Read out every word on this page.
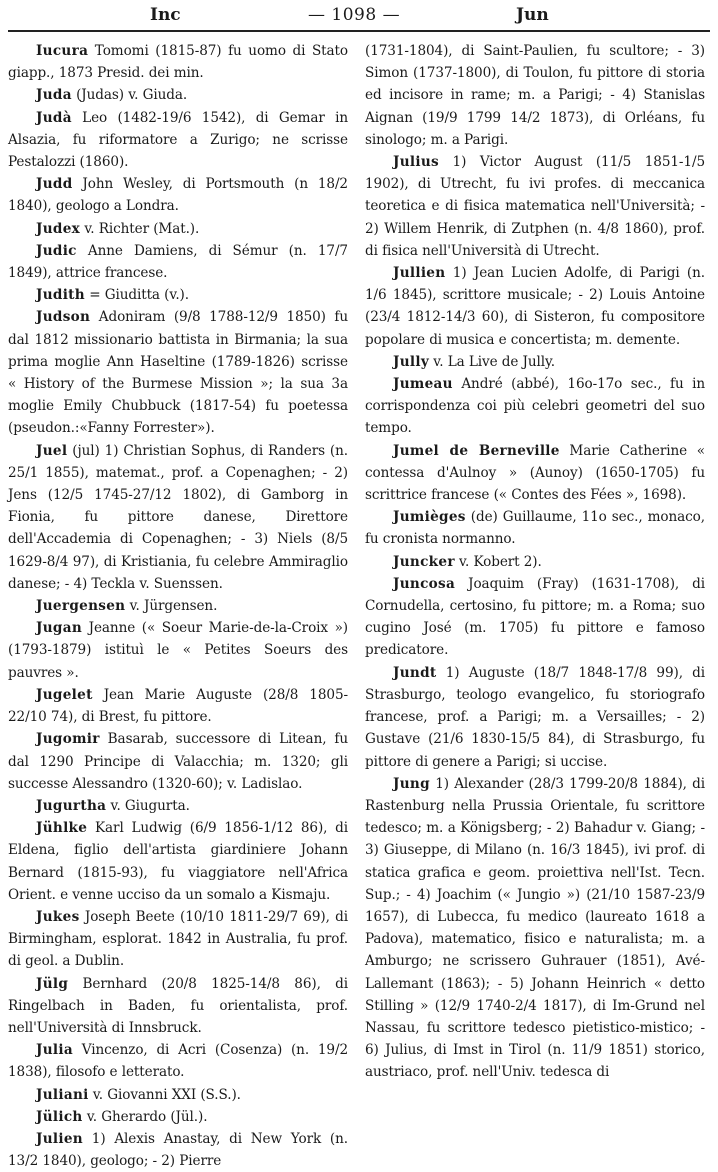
Inc	— 1098 —	Jun

Iucura Tomomi (1815-87) fu uomo di Stato giapp., 1873 Presid. dei min.

Juda (Judas) v. Giuda.

Judà Leo (1482-19/6 1542), di Gemar in Alsazia, fu riformatore a Zurigo; ne scrisse Pestalozzi (1860).

Judd John Wesley, di Portsmouth (n 18/2 1840), geologo a Londra.

Judex v. Richter (Mat.).

Judic Anne Damiens, di Sémur (n. 17/7 1849), attrice francese.

Judith = Giuditta (v.).

Judson Adoniram (9/8 1788-12/9 1850) fu dal 1812 missionario battista in Birmania; la sua prima moglie Ann Haseltine (1789-1826) scrisse « History of the Burmese Mission »; la sua 3a moglie Emily Chubbuck (1817-54) fu poetessa (pseudon.:«Fanny Forrester»).

Juel (jul) 1) Christian Sophus, di Randers (n. 25/1 1855), matemat., prof. a Copenaghen; - 2) Jens (12/5 1745-27/12 1802), di Gamborg in Fionia, fu pittore danese, Direttore dell'Accademia di Copenaghen; - 3) Niels (8/5 1629-8/4 97), di Kristiania, fu celebre Ammiraglio danese; - 4) Teckla v. Suenssen.

Juergensen v. Jürgensen.

Jugan Jeanne (« Soeur Marie-de-la-Croix ») (1793-1879) istituì le « Petites Soeurs des pauvres ».

Jugelet Jean Marie Auguste (28/8 1805-22/10 74), di Brest, fu pittore.

Jugomir Basarab, successore di Litean, fu dal 1290 Principe di Valacchia; m. 1320; gli successe Alessandro (1320-60); v. Ladislao.

Jugurtha v. Giugurta.

Jühlke Karl Ludwig (6/9 1856-1/12 86), di Eldena, figlio dell'artista giardiniere Johann Bernard (1815-93), fu viaggiatore nell'Africa Orient. e venne ucciso da un somalo a Kismaju.

Jukes Joseph Beete (10/10 1811-29/7 69), di Birmingham, esplorat. 1842 in Australia, fu prof. di geol. a Dublin.

Jülg Bernhard (20/8 1825-14/8 86), di Ringelbach in Baden, fu orientalista, prof. nell'Università di Innsbruck.

Julia Vincenzo, di Acri (Cosenza) (n. 19/2 1838), filosofo e letterato.

Juliani v. Giovanni XXI (S.S.).

Jülich v. Gherardo (Jül.).

Julien 1) Alexis Anastay, di New York (n. 13/2 1840), geologo; - 2) Pierre

(1731-1804), di Saint-Paulien, fu scultore; - 3) Simon (1737-1800), di Toulon, fu pittore di storia ed incisore in rame; m. a Parigi; - 4) Stanislas Aignan (19/9 1799 14/2 1873), di Orléans, fu sinologo; m. a Parigi.

Julius 1) Victor August (11/5 1851-1/5 1902), di Utrecht, fu ivi profes. di meccanica teoretica e di fisica matematica nell'Università; - 2) Willem Henrik, di Zutphen (n. 4/8 1860), prof. di fisica nell'Università di Utrecht.

Jullien 1) Jean Lucien Adolfe, di Parigi (n. 1/6 1845), scrittore musicale; - 2) Louis Antoine (23/4 1812-14/3 60), di Sisteron, fu compositore popolare di musica e concertista; m. demente.

Jully v. La Live de Jully.

Jumeau André (abbé), 16o-17o sec., fu in corrispondenza coi più celebri geometri del suo tempo.

Jumel de Berneville Marie Catherine « contessa d'Aulnoy » (Aunoy) (1650-1705) fu scrittrice francese (« Contes des Fées », 1698).

Jumièges (de) Guillaume, 11o sec., monaco, fu cronista normanno.

Juncker v. Kobert 2).

Juncosa Joaquim (Fray) (1631-1708), di Cornudella, certosino, fu pittore; m. a Roma; suo cugino José (m. 1705) fu pittore e famoso predicatore.

Jundt 1) Auguste (18/7 1848-17/8 99), di Strasburgo, teologo evangelico, fu storiografo francese, prof. a Parigi; m. a Versailles; - 2) Gustave (21/6 1830-15/5 84), di Strasburgo, fu pittore di genere a Parigi; si uccise.

Jung 1) Alexander (28/3 1799-20/8 1884), di Rastenburg nella Prussia Orientale, fu scrittore tedesco; m. a Königsberg; - 2) Bahadur v. Giang; - 3) Giuseppe, di Milano (n. 16/3 1845), ivi prof. di statica grafica e geom. proiettiva nell'Ist. Tecn. Sup.; - 4) Joachim (« Jungio ») (21/10 1587-23/9 1657), di Lubecca, fu medico (laureato 1618 a Padova), matematico, fisico e naturalista; m. a Amburgo; ne scrissero Guhrauer (1851), Avé-Lallemant (1863); - 5) Johann Heinrich « detto Stilling » (12/9 1740-2/4 1817), di Im-Grund nel Nassau, fu scrittore tedesco pietistico-mistico; - 6) Julius, di Imst in Tirol (n. 11/9 1851) storico, austriaco, prof. nell'Univ. tedesca di
